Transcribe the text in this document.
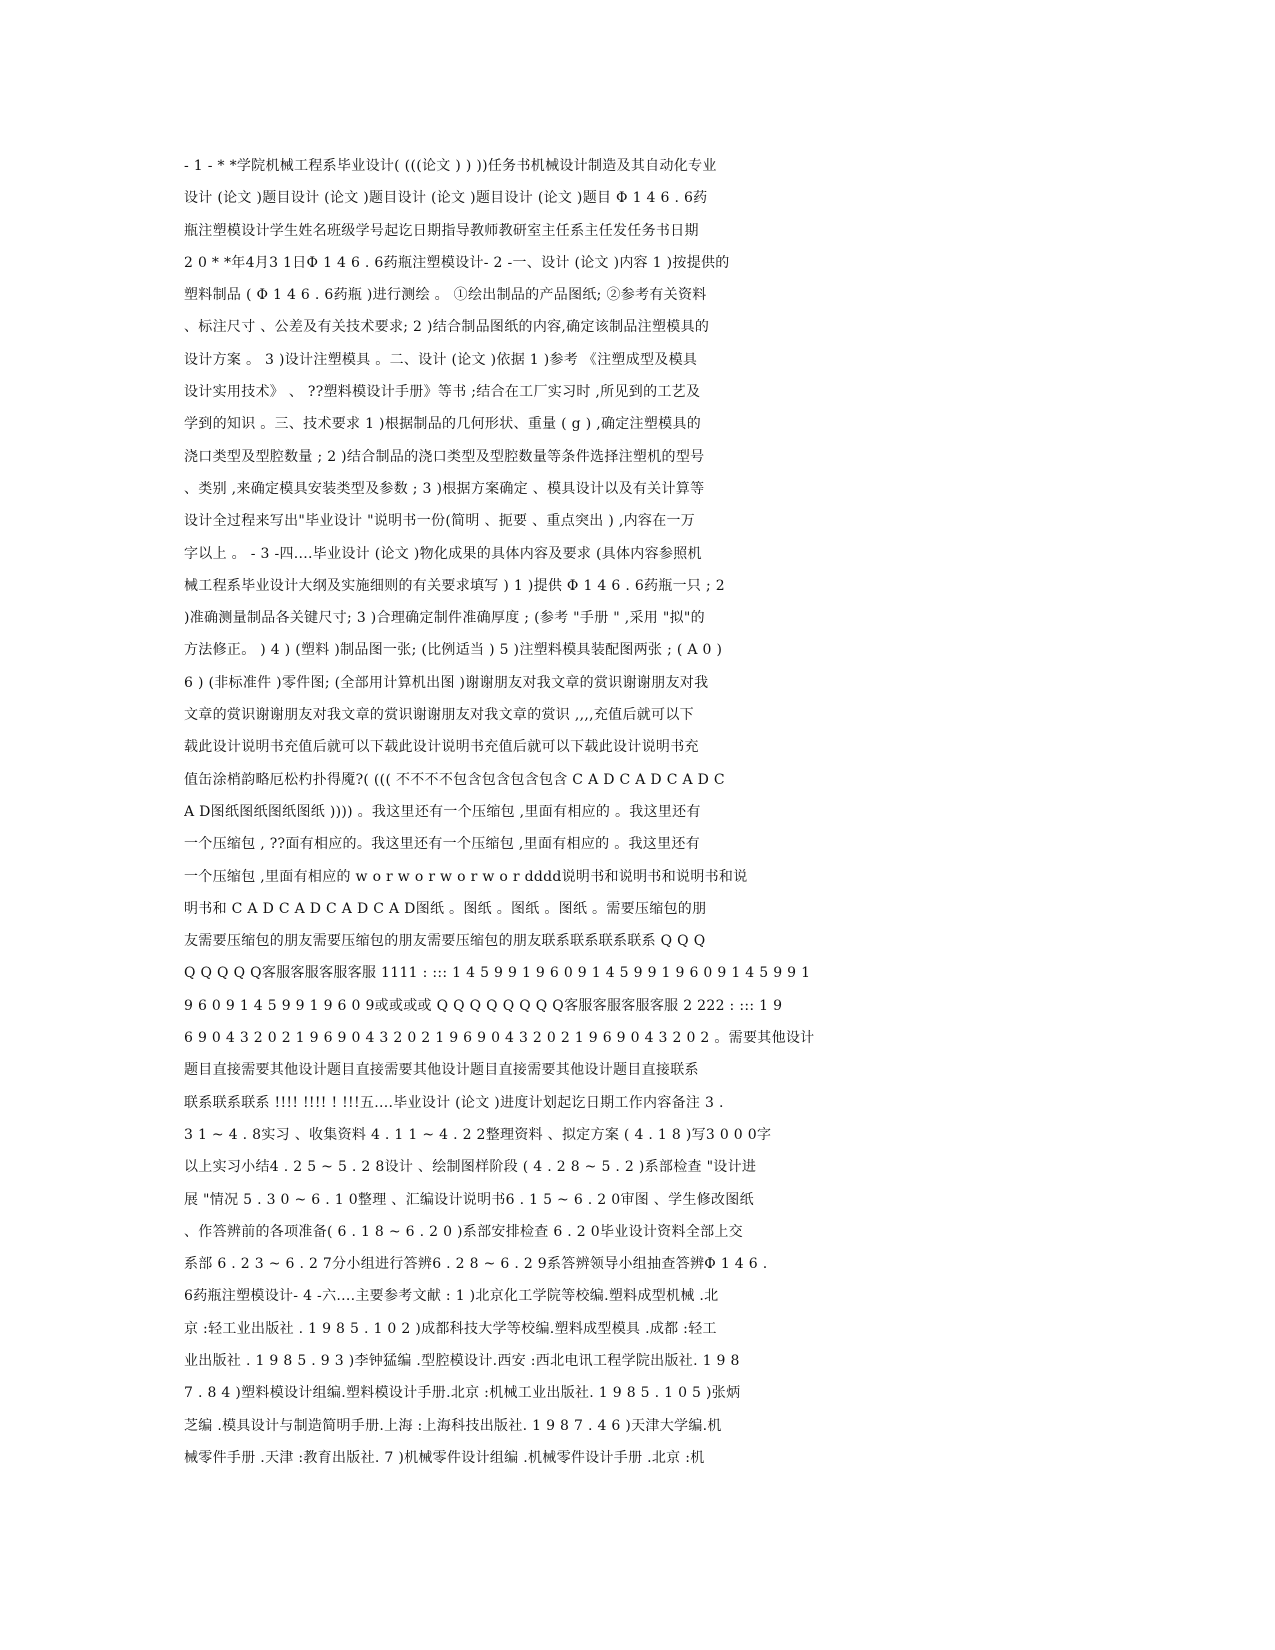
- 1 - * *学院机械工程系毕业设计( (((论文 ) ) ))任务书机械设计制造及其自动化专业
设计 (论文 )题目设计 (论文 )题目设计 (论文 )题目设计 (论文 )题目 Φ 1 4 6 . 6药
瓶注塑模设计学生姓名班级学号起讫日期指导教师教研室主任系主任发任务书日期
2 0 * *年4月3 1日Φ 1 4 6 . 6药瓶注塑模设计- 2 -一、设计 (论文 )内容 1 )按提供的
塑料制品 ( Φ 1 4 6 . 6药瓶 )进行测绘 。 ①绘出制品的产品图纸; ②参考有关资料
、标注尺寸 、公差及有关技术要求; 2 )结合制品图纸的内容,确定该制品注塑模具的
设计方案 。 3 )设计注塑模具 。二、设计 (论文 )依据 1 )参考 《注塑成型及模具
设计实用技术》 、 ??塑料模设计手册》等书 ;结合在工厂实习时 ,所见到的工艺及
学到的知识 。三、技术要求 1 )根据制品的几何形状、重量 ( g ) ,确定注塑模具的
浇口类型及型腔数量 ; 2 )结合制品的浇口类型及型腔数量等条件选择注塑机的型号
、类别 ,来确定模具安装类型及参数 ; 3 )根据方案确定 、模具设计以及有关计算等
设计全过程来写出"毕业设计 "说明书一份(简明 、扼要 、重点突出 ) ,内容在一万
字以上 。 - 3 -四....毕业设计 (论文 )物化成果的具体内容及要求 (具体内容参照机
械工程系毕业设计大纲及实施细则的有关要求填写 ) 1 )提供 Φ 1 4 6 . 6药瓶一只 ; 2
)准确测量制品各关键尺寸; 3 )合理确定制件准确厚度 ; (参考 "手册 " ,采用 "拟"的
方法修正。 ) 4 ) (塑料 )制品图一张; (比例适当 ) 5 )注塑料模具装配图两张 ; ( A 0 )
6 ) (非标准件 )零件图; (全部用计算机出图 )谢谢朋友对我文章的赏识谢谢朋友对我
文章的赏识谢谢朋友对我文章的赏识谢谢朋友对我文章的赏识 ,,,,充值后就可以下
载此设计说明书充值后就可以下载此设计说明书充值后就可以下载此设计说明书充
值缶涂梢韵略厄松杓扑得魇?( ((( 不不不不包含包含包含包含 C A D C A D C A D C
A D图纸图纸图纸图纸 )))) 。我这里还有一个压缩包 ,里面有相应的 。我这里还有
一个压缩包 , ??面有相应的。我这里还有一个压缩包 ,里面有相应的 。我这里还有
一个压缩包 ,里面有相应的 w o r w o r w o r w o r dddd说明书和说明书和说明书和说
明书和 C A D C A D C A D C A D图纸 。图纸 。图纸 。图纸 。需要压缩包的朋
友需要压缩包的朋友需要压缩包的朋友需要压缩包的朋友联系联系联系联系 Q Q Q
Q Q Q Q Q客服客服客服客服 1111 : ::: 1 4 5 9 9 1 9 6 0 9 1 4 5 9 9 1 9 6 0 9 1 4 5 9 9 1
9 6 0 9 1 4 5 9 9 1 9 6 0 9或或或或 Q Q Q Q Q Q Q Q客服客服客服客服 2 222 : ::: 1 9
6 9 0 4 3 2 0 2 1 9 6 9 0 4 3 2 0 2 1 9 6 9 0 4 3 2 0 2 1 9 6 9 0 4 3 2 0 2 。需要其他设计
题目直接需要其他设计题目直接需要其他设计题目直接需要其他设计题目直接联系
联系联系联系 !!!! !!!! ! !!!五....毕业设计 (论文 )进度计划起讫日期工作内容备注 3 .
3 1 ~ 4 . 8实习 、收集资料 4 . 1 1 ~ 4 . 2 2整理资料 、拟定方案 ( 4 . 1 8 )写3 0 0 0字
以上实习小结4 . 2 5 ~ 5 . 2 8设计 、绘制图样阶段 ( 4 . 2 8 ~ 5 . 2 )系部检查 "设计进
展 "情况 5 . 3 0 ~ 6 . 1 0整理 、汇编设计说明书6 . 1 5 ~ 6 . 2 0审图 、学生修改图纸
、作答辨前的各项准备( 6 . 1 8 ~ 6 . 2 0 )系部安排检查 6 . 2 0毕业设计资料全部上交
系部 6 . 2 3 ~ 6 . 2 7分小组进行答辨6 . 2 8 ~ 6 . 2 9系答辨领导小组抽查答辨Φ 1 4 6 .
6药瓶注塑模设计- 4 -六....主要参考文献 : 1 )北京化工学院等校编.塑料成型机械 .北
京 :轻工业出版社 . 1 9 8 5 . 1 0 2 )成都科技大学等校编.塑料成型模具 .成都 :轻工
业出版社 . 1 9 8 5 . 9 3 )李钟猛编 .型腔模设计.西安 :西北电讯工程学院出版社. 1 9 8
7 . 8 4 )塑料模设计组编.塑料模设计手册.北京 :机械工业出版社. 1 9 8 5 . 1 0 5 )张炳
芝编 .模具设计与制造简明手册.上海 :上海科技出版社. 1 9 8 7 . 4 6 )天津大学编.机
械零件手册 .天津 :教育出版社. 7 )机械零件设计组编 .机械零件设计手册 .北京 :机
